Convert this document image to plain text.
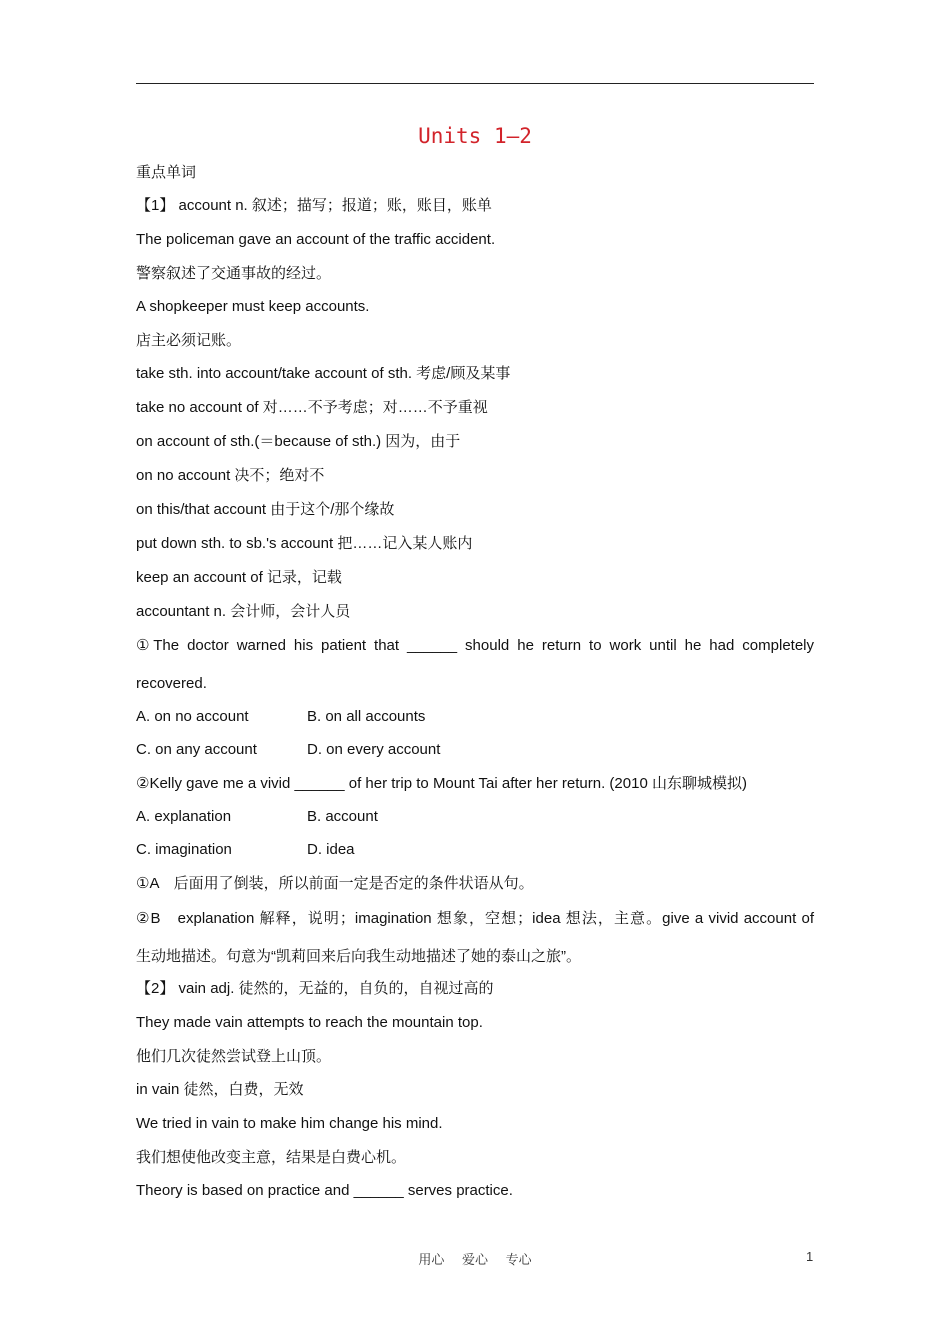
Units 1—2
重点单词
【1】 account n. 叙述；描写；报道；账，账目，账单
The policeman gave an account of the traffic accident.
警察叙述了交通事故的经过。
A shopkeeper must keep accounts.
店主必须记账。
take sth. into account/take account of sth. 考虑/顾及某事
take no account of 对……不予考虑；对……不予重视
on account of sth.(＝because of sth.) 因为，由于
on no account 决不；绝对不
on this/that account 由于这个/那个缘故
put down sth. to sb.'s account 把……记入某人账内
keep an account of 记录，记载
accountant n. 会计师，会计人员
①The doctor warned his patient that ______ should he return to work until he had completely
recovered.
A. on no account	B. on all accounts
C. on any account	D. on every account
②Kelly gave me a vivid ______ of her trip to Mount Tai after her return. (2010 山东聊城模拟)
A. explanation	B. account
C. imagination	D. idea
①A　后面用了倒装，所以前面一定是否定的条件状语从句。
②B　explanation 解释，说明；imagination 想象，空想；idea 想法，主意。give a vivid account of
生动地描述。句意为“凯莉回来后向我生动地描述了她的泰山之旅”。
【2】 vain adj. 徒然的，无益的，自负的，自视过高的
They made vain attempts to reach the mountain top.
他们几次徒然尝试登上山顶。
in vain 徒然，白费，无效
We tried in vain to make him change his mind.
我们想使他改变主意，结果是白费心机。
Theory is based on practice and ______ serves practice.
用心 爱心 专心	1
